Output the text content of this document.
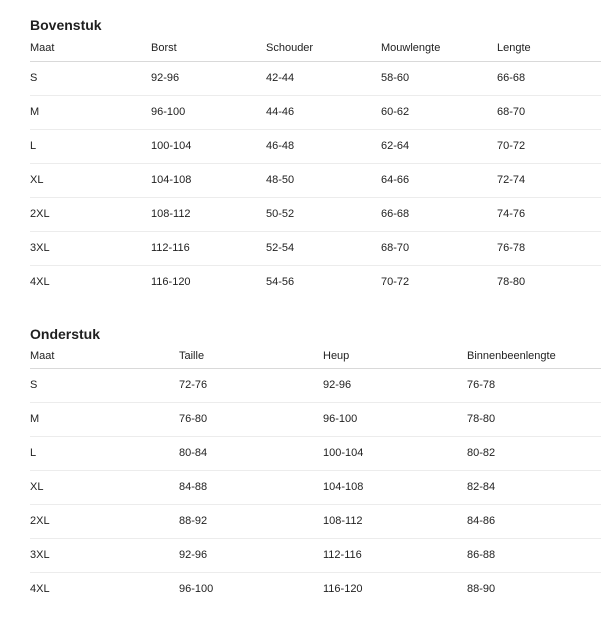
Bovenstuk
Maat	Borst	Schouder	Mouwlengte	Lengte
S	92-96	42-44	58-60	66-68
M	96-100	44-46	60-62	68-70
L	100-104	46-48	62-64	70-72
XL	104-108	48-50	64-66	72-74
2XL	108-112	50-52	66-68	74-76
3XL	112-116	52-54	68-70	76-78
4XL	116-120	54-56	70-72	78-80
Onderstuk
Maat	Taille	Heup	Binnenbeenlengte
S	72-76	92-96	76-78
M	76-80	96-100	78-80
L	80-84	100-104	80-82
XL	84-88	104-108	82-84
2XL	88-92	108-112	84-86
3XL	92-96	112-116	86-88
4XL	96-100	116-120	88-90
